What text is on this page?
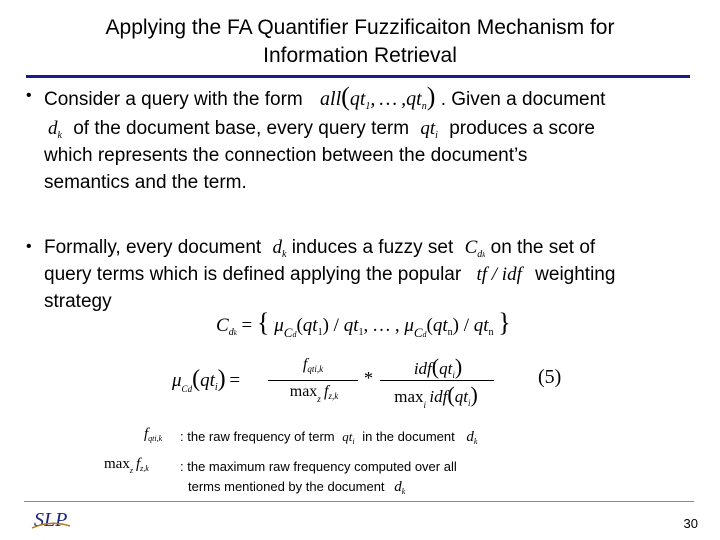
Applying the FA Quantifier Fuzzificaiton Mechanism for
Information Retrieval
• Consider a query with the form $all(qt_1$, … $,qt_n$) . Given a document
$d_k$ of the document base, every query term $qt_i$ produces a score
which represents the connection between the document’s
semantics and the term.
• Formally, every document $d_k$ induces a fuzzy set $C_{dk}$ on the set of
query terms which is defined applying the popular tf / idf weighting
strategy
$C_{dk}$ = { $\mu_{Cd}(qt_1) / qt_1$, … , $\mu_{Cd}(qt_n) / qt_n$ }
$\mu_{Cd}(qt_i)$ =
fqti,k
$\max_z fz,k$
*	$idf(qt_i)$
$\max_i idf(qt_i)$
(5)
$f_{qti,k}$ : the raw frequency of term $qt_i$ in the document $d_k$
$\max_z f_{z,k}$ : the maximum raw frequency computed over all
terms mentioned by the document $d_k$
SLP	30
